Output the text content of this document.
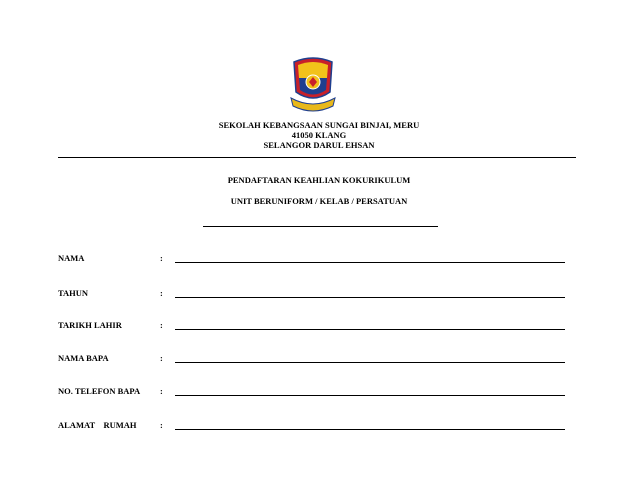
SEKOLAH KEBANGSAAN SUNGAI BINJAI, MERU
41050 KLANG
SELANGOR DARUL EHSAN
PENDAFTARAN KEAHLIAN KOKURIKULUM
UNIT BERUNIFORM / KELAB / PERSATUAN
NAMA	:
TAHUN	:
TARIKH LAHIR	:
NAMA BAPA	:
NO. TELEFON BAPA :
ALAMAT    RUMAH	:
